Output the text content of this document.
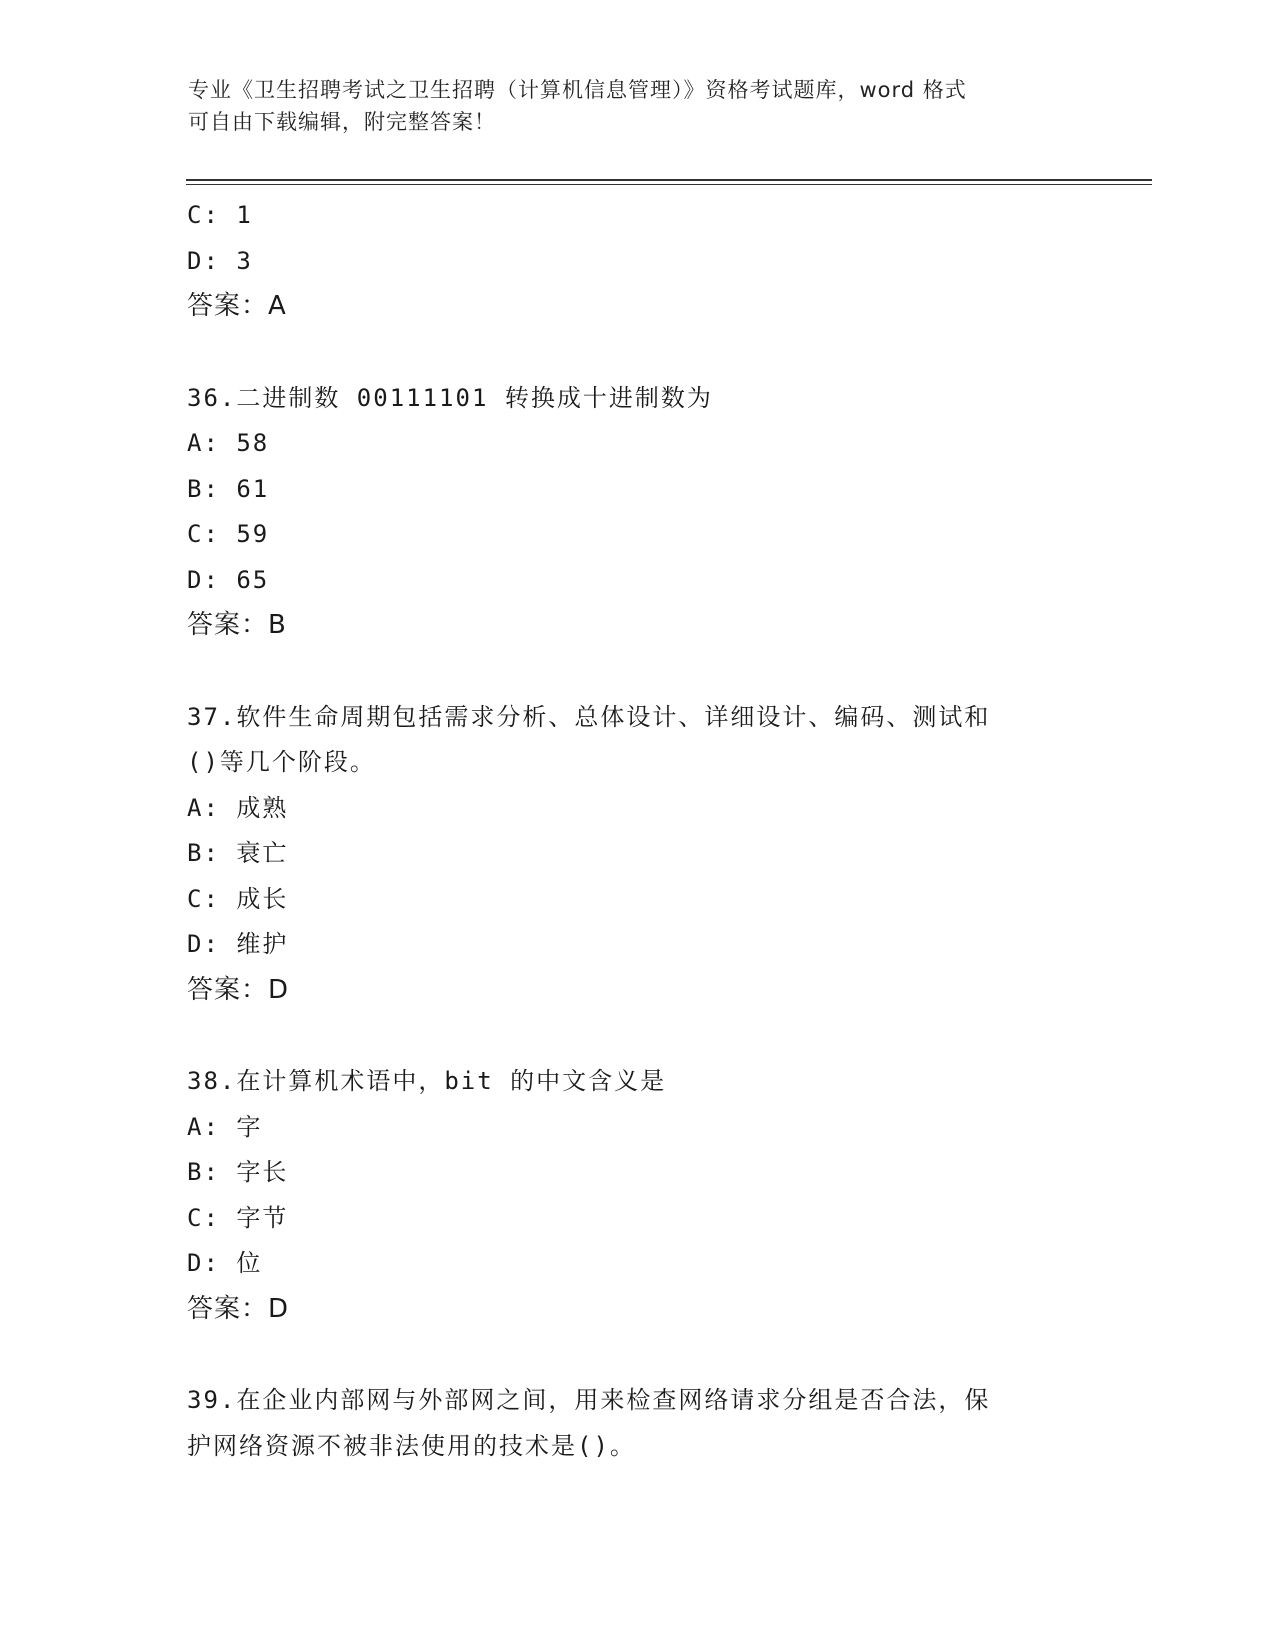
专业《卫生招聘考试之卫生招聘（计算机信息管理）》资格考试题库，word 格式
可自由下载编辑，附完整答案！
C: 1
D: 3
答案：A
36.二进制数 00111101 转换成十进制数为
A: 58
B: 61
C: 59
D: 65
答案：B
37.软件生命周期包括需求分析、总体设计、详细设计、编码、测试和
()等几个阶段。
A: 成熟
B: 衰亡
C: 成长
D: 维护
答案：D
38.在计算机术语中，bit 的中文含义是
A: 字
B: 字长
C: 字节
D: 位
答案：D
39.在企业内部网与外部网之间，用来检查网络请求分组是否合法，保
护网络资源不被非法使用的技术是()。
